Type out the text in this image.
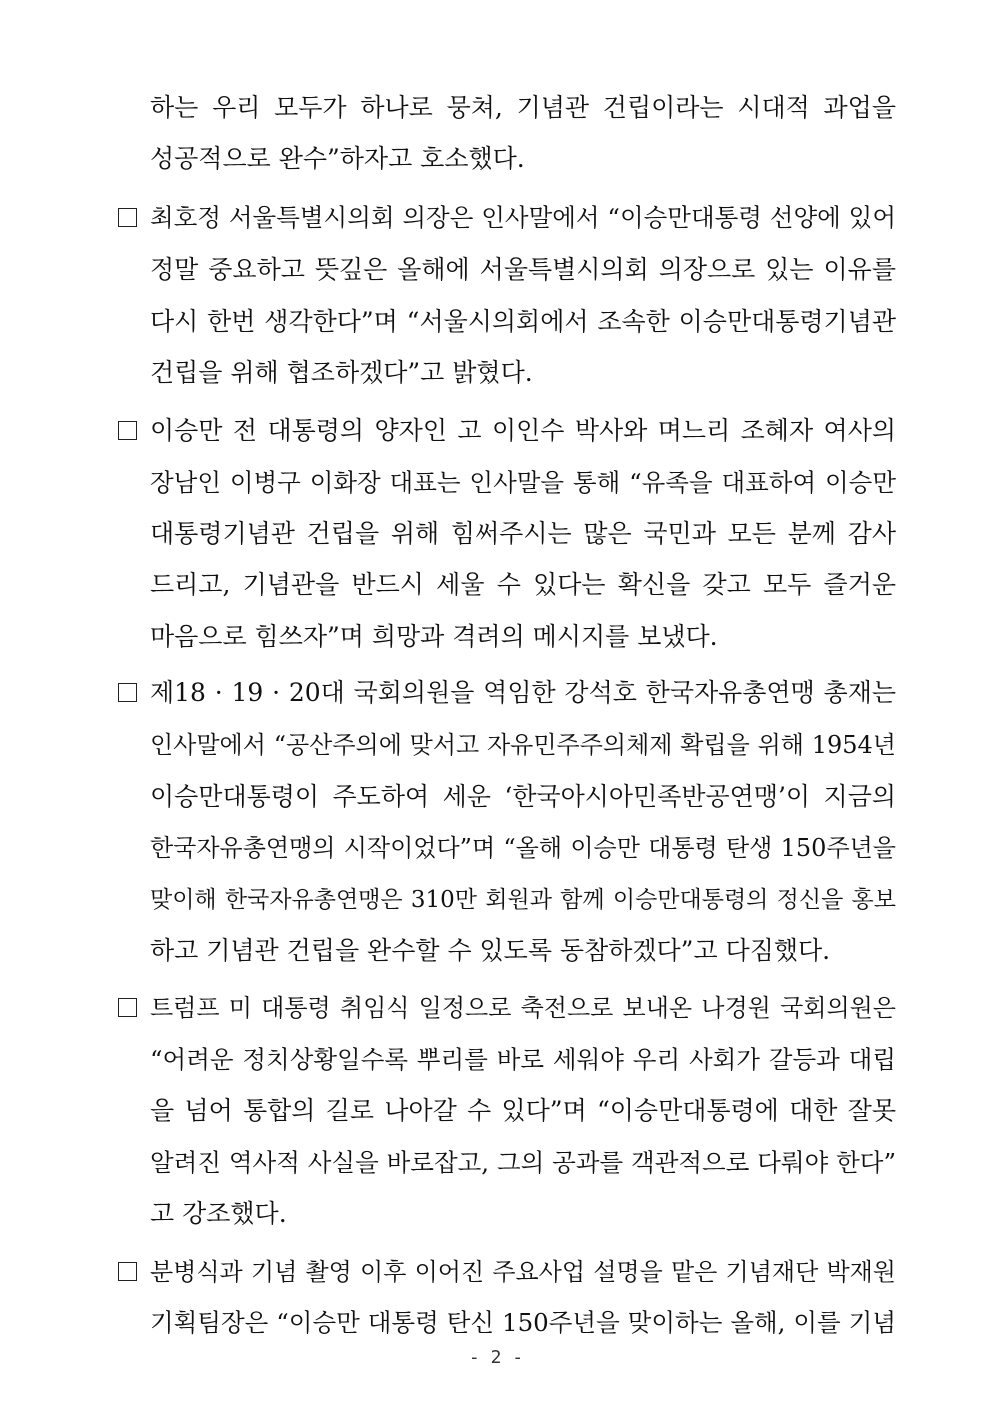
하는 우리 모두가 하나로 뭉쳐, 기념관 건립이라는 시대적 과업을
성공적으로 완수”하자고 호소했다.
최호정 서울특별시의회 의장은 인사말에서 “이승만대통령 선양에 있어
정말 중요하고 뜻깊은 올해에 서울특별시의회 의장으로 있는 이유를
다시 한번 생각한다”며 “서울시의회에서 조속한 이승만대통령기념관
건립을 위해 협조하겠다”고 밝혔다.
이승만 전 대통령의 양자인 고 이인수 박사와 며느리 조혜자 여사의
장남인 이병구 이화장 대표는 인사말을 통해 “유족을 대표하여 이승만
대통령기념관 건립을 위해 힘써주시는 많은 국민과 모든 분께 감사
드리고, 기념관을 반드시 세울 수 있다는 확신을 갖고 모두 즐거운
마음으로 힘쓰자”며 희망과 격려의 메시지를 보냈다.
제18 · 19 · 20대 국회의원을 역임한 강석호 한국자유총연맹 총재는
인사말에서 “공산주의에 맞서고 자유민주주의체제 확립을 위해 1954년
이승만대통령이 주도하여 세운 ‘한국아시아민족반공연맹’이 지금의
한국자유총연맹의 시작이었다”며 “올해 이승만 대통령 탄생 150주년을
맞이해 한국자유총연맹은 310만 회원과 함께 이승만대통령의 정신을 홍보
하고 기념관 건립을 완수할 수 있도록 동참하겠다”고 다짐했다.
트럼프 미 대통령 취임식 일정으로 축전으로 보내온 나경원 국회의원은
“어려운 정치상황일수록 뿌리를 바로 세워야 우리 사회가 갈등과 대립
을 넘어 통합의 길로 나아갈 수 있다”며 “이승만대통령에 대한 잘못
알려진 역사적 사실을 바로잡고, 그의 공과를 객관적으로 다뤄야 한다”
고 강조했다.
분병식과 기념 촬영 이후 이어진 주요사업 설명을 맡은 기념재단 박재원
기획팀장은 “이승만 대통령 탄신 150주년을 맞이하는 올해, 이를 기념
- 2 -
